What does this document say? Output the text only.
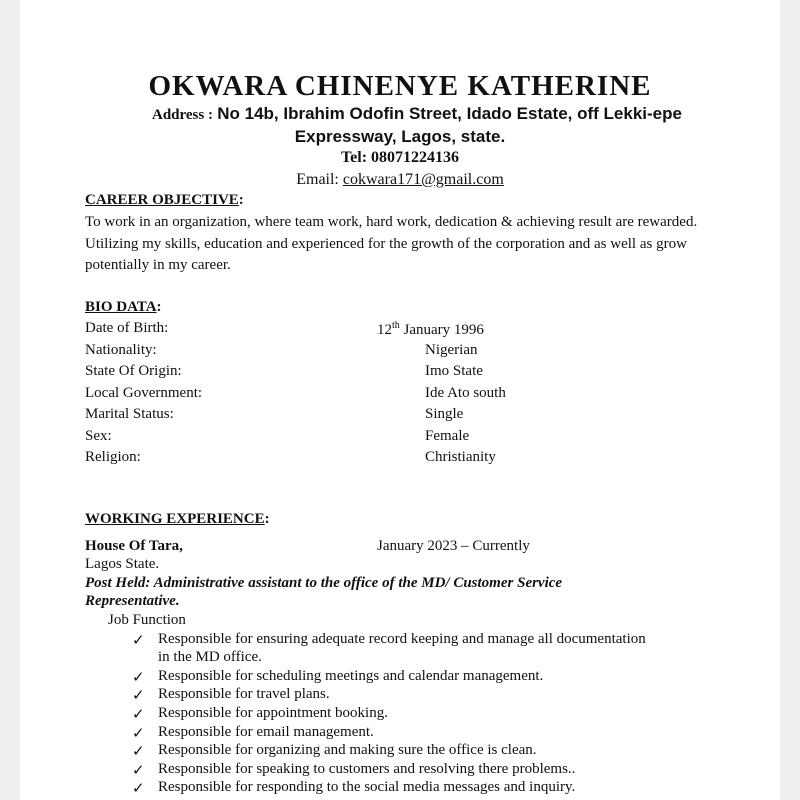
OKWARA CHINENYE KATHERINE
Address : No 14b, Ibrahim Odofin Street, Idado Estate, off Lekki-epe
Expressway, Lagos, state.
Tel: 08071224136
Email: cokwara171@gmail.com
CAREER OBJECTIVE:
To work in an organization, where team work, hard work, dedication & achieving result are rewarded. Utilizing my skills, education and experienced for the growth of the corporation and as well as grow potentially in my career.
BIO DATA:
Date of Birth:	12th January 1996
Nationality:	Nigerian
State Of Origin:	Imo State
Local Government:	Ide Ato south
Marital Status:	Single
Sex:	Female
Religion:	Christianity
WORKING EXPERIENCE:
House Of Tara,	January 2023 – Currently
Lagos State.
Post Held: Administrative assistant to the office of the MD/ Customer Service
Representative.
Job Function
✓ Responsible for ensuring adequate record keeping and manage all documentation
in the MD office.
✓ Responsible for scheduling meetings and calendar management.
✓ Responsible for travel plans.
✓ Responsible for appointment booking.
✓ Responsible for email management.
✓ Responsible for organizing and making sure the office is clean.
✓ Responsible for speaking to customers and resolving there problems..
✓ Responsible for responding to the social media messages and inquiry.
